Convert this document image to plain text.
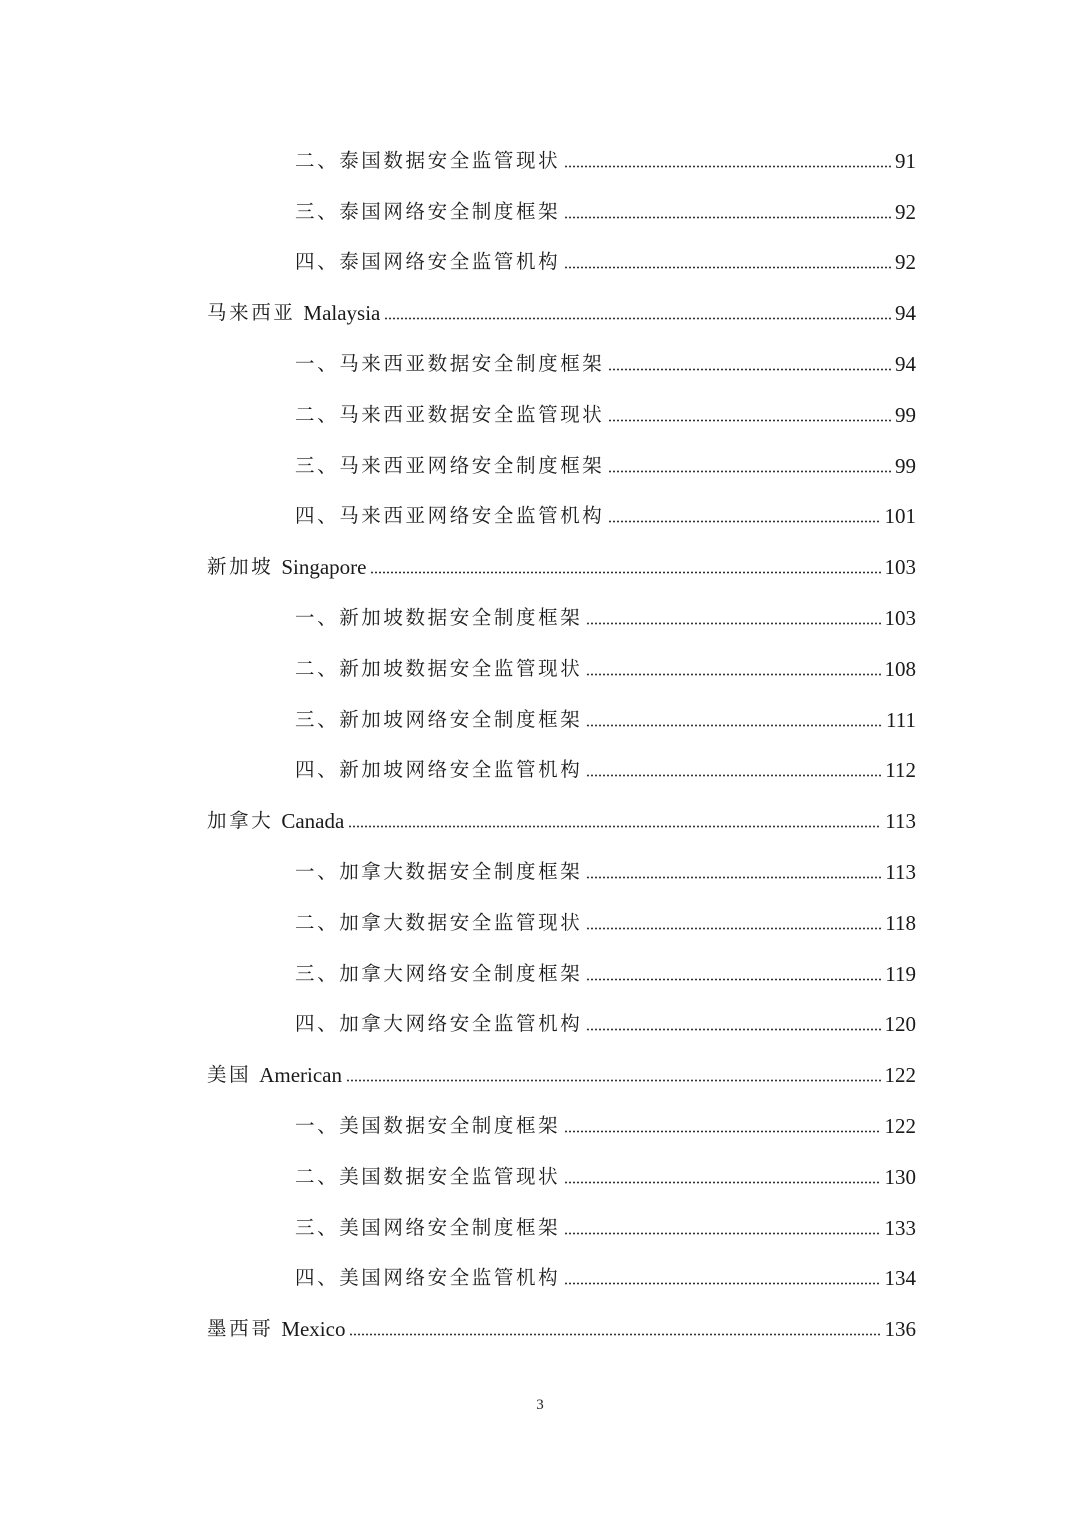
二、泰国数据安全监管现状	91
三、泰国网络安全制度框架	92
四、泰国网络安全监管机构	92
马来西亚 Malaysia	94
一、马来西亚数据安全制度框架	94
二、马来西亚数据安全监管现状	99
三、马来西亚网络安全制度框架	99
四、马来西亚网络安全监管机构	101
新加坡 Singapore	103
一、新加坡数据安全制度框架	103
二、新加坡数据安全监管现状	108
三、新加坡网络安全制度框架	111
四、新加坡网络安全监管机构	112
加拿大 Canada	113
一、加拿大数据安全制度框架	113
二、加拿大数据安全监管现状	118
三、加拿大网络安全制度框架	119
四、加拿大网络安全监管机构	120
美国 American	122
一、美国数据安全制度框架	122
二、美国数据安全监管现状	130
三、美国网络安全制度框架	133
四、美国网络安全监管机构	134
墨西哥 Mexico	136
3
